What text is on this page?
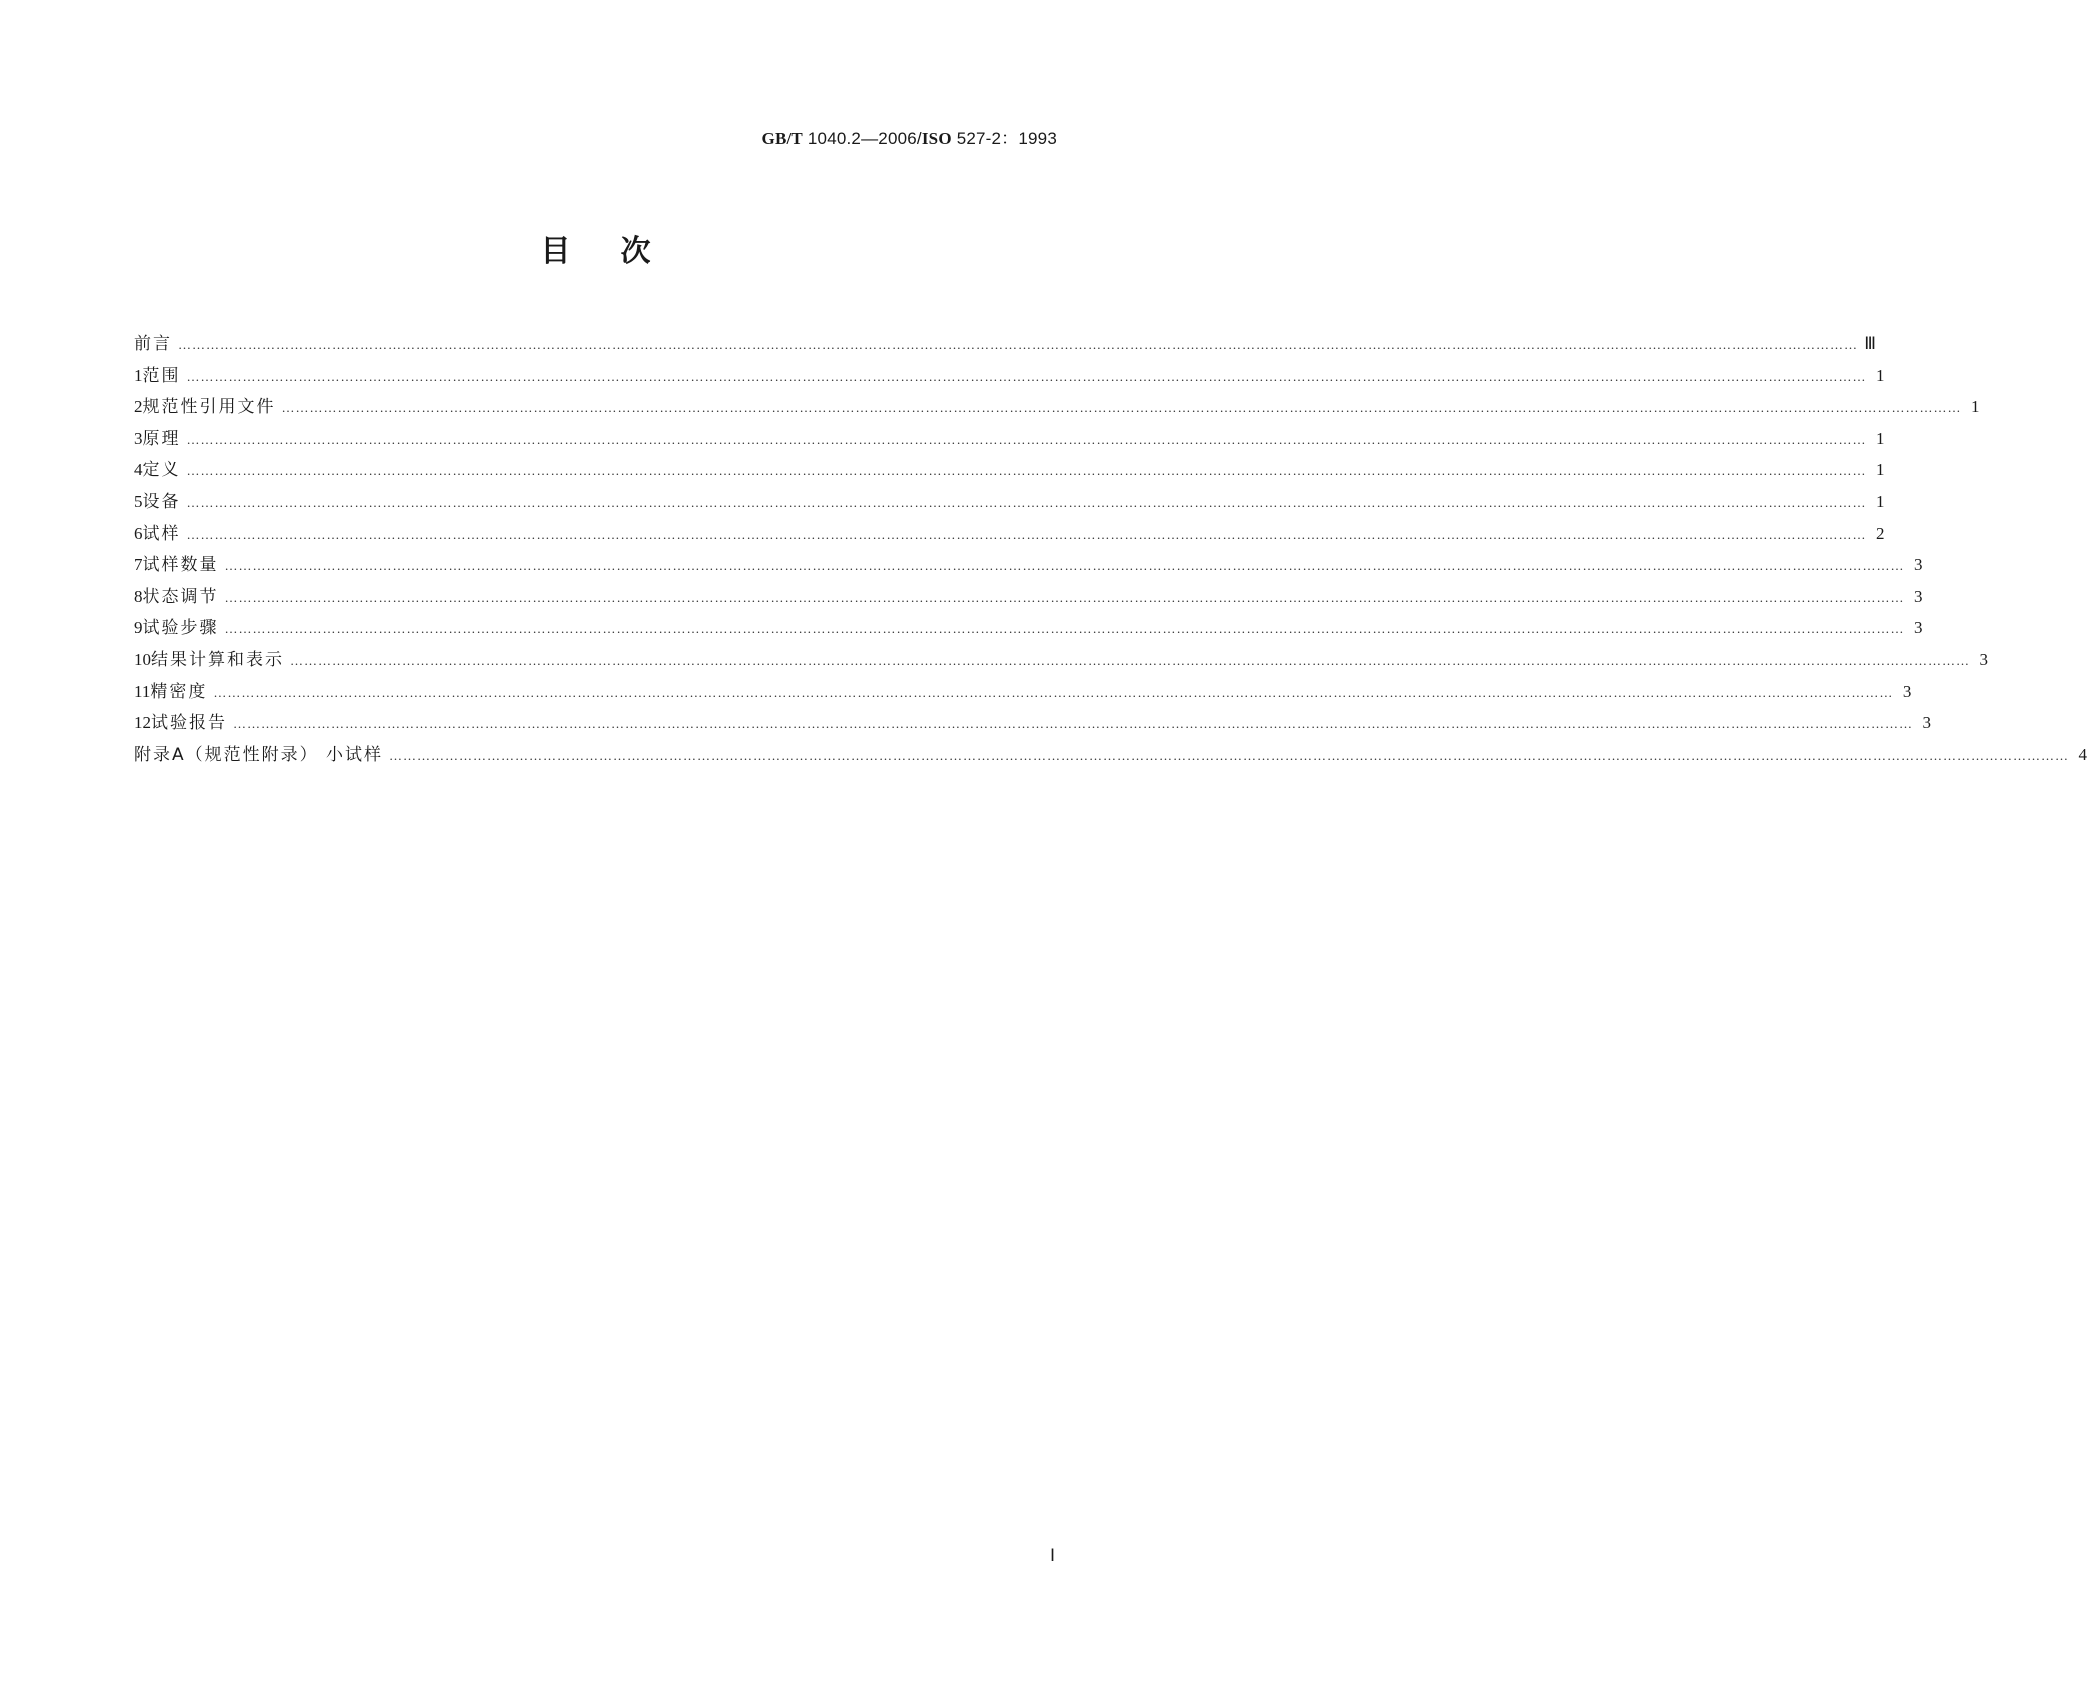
GB/T 1040.2—2006/ISO 527-2：1993
目次
前言 ……………………………………………………………………………………………………………………………………………………………………………………………………………………………………………………………………………………………………………………………… Ⅲ
1 范围 ……………………………………………………………………………………………………………………………………………………………………………………………………………………………………………………………………………………………………………………………… 1
2 规范性引用文件 ……………………………………………………………………………………………………………………………………………………………………………………………………………………………………………………………………………………………………………………………… 1
3 原理 ……………………………………………………………………………………………………………………………………………………………………………………………………………………………………………………………………………………………………………………………… 1
4 定义 ……………………………………………………………………………………………………………………………………………………………………………………………………………………………………………………………………………………………………………………………… 1
5 设备 ……………………………………………………………………………………………………………………………………………………………………………………………………………………………………………………………………………………………………………………………… 1
6 试样 ……………………………………………………………………………………………………………………………………………………………………………………………………………………………………………………………………………………………………………………………… 2
7 试样数量 ……………………………………………………………………………………………………………………………………………………………………………………………………………………………………………………………………………………………………………………………… 3
8 状态调节 ……………………………………………………………………………………………………………………………………………………………………………………………………………………………………………………………………………………………………………………………… 3
9 试验步骤 ……………………………………………………………………………………………………………………………………………………………………………………………………………………………………………………………………………………………………………………………… 3
10 结果计算和表示 ……………………………………………………………………………………………………………………………………………………………………………………………………………………………………………………………………………………………………………………………… 3
11 精密度 ……………………………………………………………………………………………………………………………………………………………………………………………………………………………………………………………………………………………………………………………… 3
12 试验报告 ……………………………………………………………………………………………………………………………………………………………………………………………………………………………………………………………………………………………………………………………… 3
附录A（规范性附录） 小试样 ……………………………………………………………………………………………………………………………………………………………………………………………………………………………………………………………………………………………………………………………… 4
Ⅰ
